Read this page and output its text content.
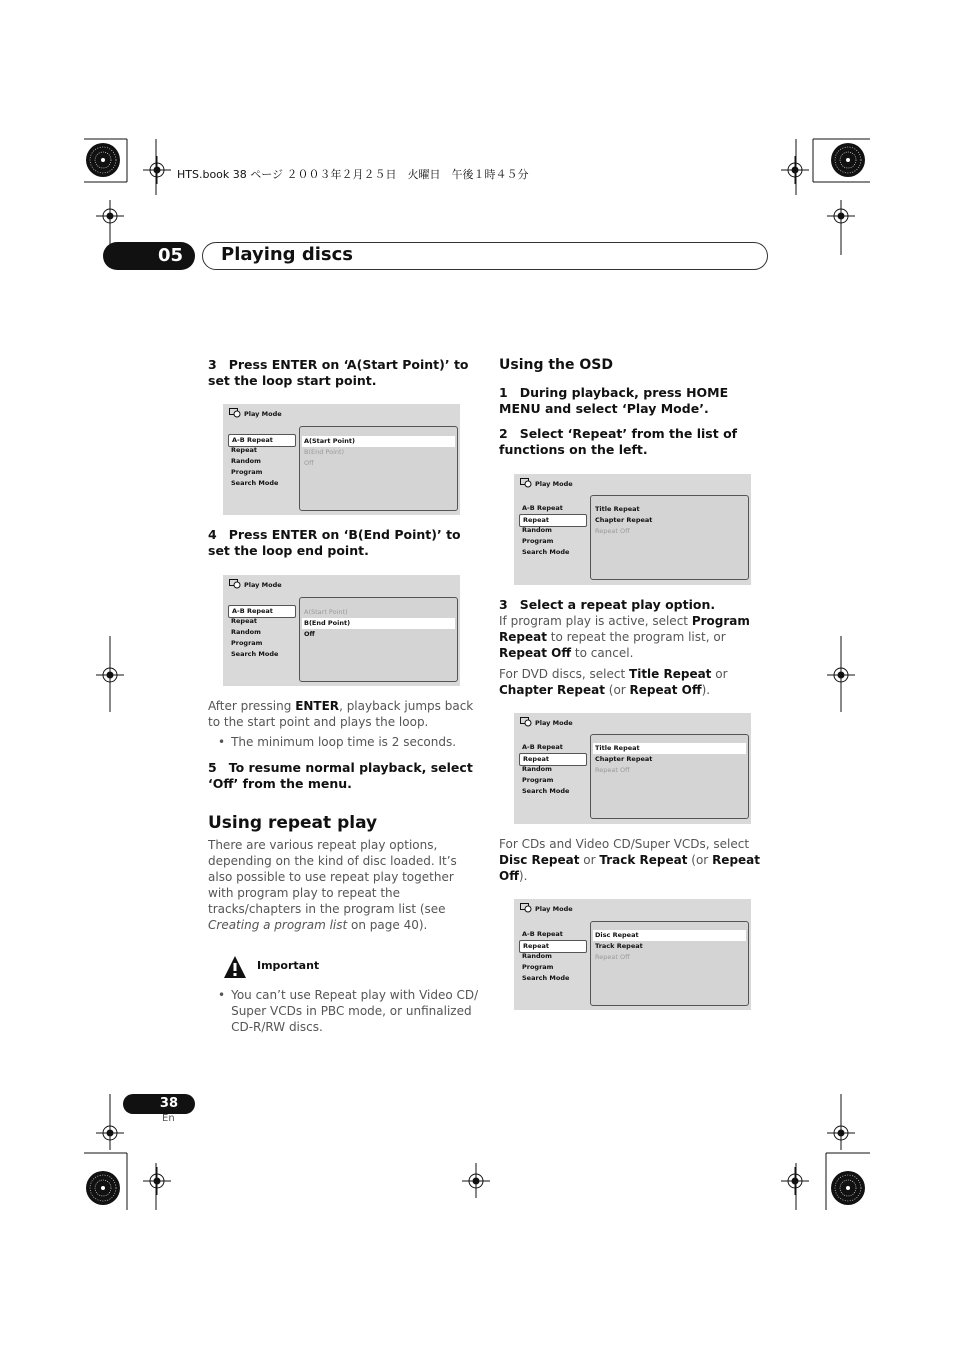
HTS.book 38 ページ ２００３年２月２５日　火曜日　午後１時４５分
05	Playing discs
3 Press ENTER on ‘A(Start Point)’ to set the loop start point.
Play Mode
A-B Repeat
Repeat
Random
Program
Search Mode
A(Start Point)
B(End Point)
Off
4 Press ENTER on ‘B(End Point)’ to set the loop end point.
Play Mode
A-B Repeat
Repeat
Random
Program
Search Mode
A(Start Point)
B(End Point)
Off
After pressing ENTER, playback jumps back to the start point and plays the loop.
• The minimum loop time is 2 seconds.
5 To resume normal playback, select ‘Off’ from the menu.
Using repeat play
There are various repeat play options, depending on the kind of disc loaded. It’s also possible to use repeat play together with program play to repeat the tracks/chapters in the program list (see Creating a program list on page 40).
Important
• You can’t use Repeat play with Video CD/ Super VCDs in PBC mode, or unfinalized CD-R/RW discs.
Using the OSD
1 During playback, press HOME MENU and select ‘Play Mode’.
2 Select ‘Repeat’ from the list of functions on the left.
Play Mode
A-B Repeat
Repeat
Random
Program
Search Mode
Title Repeat
Chapter Repeat
Repeat Off
3 Select a repeat play option.
If program play is active, select Program Repeat to repeat the program list, or Repeat Off to cancel.
For DVD discs, select Title Repeat or Chapter Repeat (or Repeat Off).
Play Mode
A-B Repeat
Repeat
Random
Program
Search Mode
Title Repeat
Chapter Repeat
Repeat Off
For CDs and Video CD/Super VCDs, select Disc Repeat or Track Repeat (or Repeat Off).
Play Mode
A-B Repeat
Repeat
Random
Program
Search Mode
Disc Repeat
Track Repeat
Repeat Off
38
En
